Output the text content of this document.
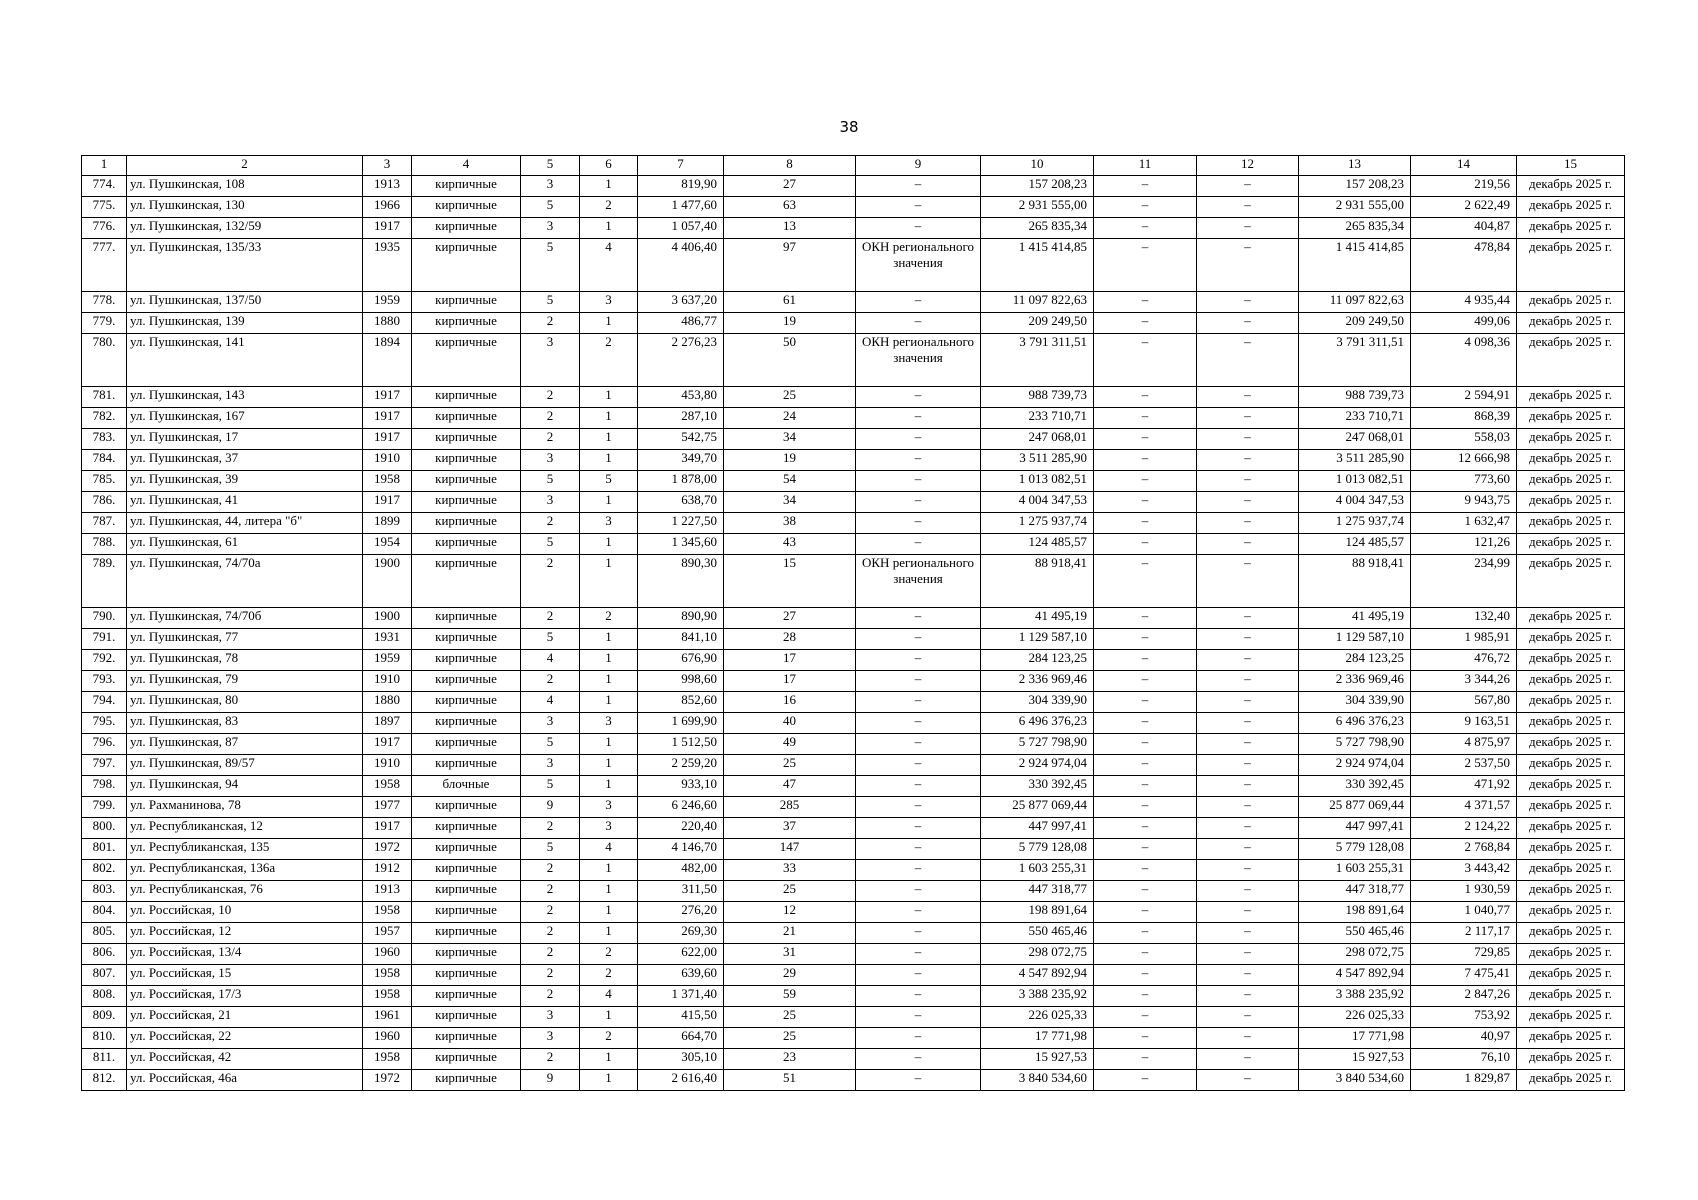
38
1	2	3	4	5	6	7	8	9	10	11	12	13	14	15
774.	ул. Пушкинская, 108	1913	кирпичные	3	1	819,90	27	–	157 208,23	–	–	157 208,23	219,56	декабрь 2025 г.
775.	ул. Пушкинская, 130	1966	кирпичные	5	2	1 477,60	63	–	2 931 555,00	–	–	2 931 555,00	2 622,49	декабрь 2025 г.
776.	ул. Пушкинская, 132/59	1917	кирпичные	3	1	1 057,40	13	–	265 835,34	–	–	265 835,34	404,87	декабрь 2025 г.
777.	ул. Пушкинская, 135/33	1935	кирпичные	5	4	4 406,40	97	ОКН регионального значения	1 415 414,85	–	–	1 415 414,85	478,84	декабрь 2025 г.
778.	ул. Пушкинская, 137/50	1959	кирпичные	5	3	3 637,20	61	–	11 097 822,63	–	–	11 097 822,63	4 935,44	декабрь 2025 г.
779.	ул. Пушкинская, 139	1880	кирпичные	2	1	486,77	19	–	209 249,50	–	–	209 249,50	499,06	декабрь 2025 г.
780.	ул. Пушкинская, 141	1894	кирпичные	3	2	2 276,23	50	ОКН регионального значения	3 791 311,51	–	–	3 791 311,51	4 098,36	декабрь 2025 г.
781.	ул. Пушкинская, 143	1917	кирпичные	2	1	453,80	25	–	988 739,73	–	–	988 739,73	2 594,91	декабрь 2025 г.
782.	ул. Пушкинская, 167	1917	кирпичные	2	1	287,10	24	–	233 710,71	–	–	233 710,71	868,39	декабрь 2025 г.
783.	ул. Пушкинская, 17	1917	кирпичные	2	1	542,75	34	–	247 068,01	–	–	247 068,01	558,03	декабрь 2025 г.
784.	ул. Пушкинская, 37	1910	кирпичные	3	1	349,70	19	–	3 511 285,90	–	–	3 511 285,90	12 666,98	декабрь 2025 г.
785.	ул. Пушкинская, 39	1958	кирпичные	5	5	1 878,00	54	–	1 013 082,51	–	–	1 013 082,51	773,60	декабрь 2025 г.
786.	ул. Пушкинская, 41	1917	кирпичные	3	1	638,70	34	–	4 004 347,53	–	–	4 004 347,53	9 943,75	декабрь 2025 г.
787.	ул. Пушкинская, 44, литера "б"	1899	кирпичные	2	3	1 227,50	38	–	1 275 937,74	–	–	1 275 937,74	1 632,47	декабрь 2025 г.
788.	ул. Пушкинская, 61	1954	кирпичные	5	1	1 345,60	43	–	124 485,57	–	–	124 485,57	121,26	декабрь 2025 г.
789.	ул. Пушкинская, 74/70а	1900	кирпичные	2	1	890,30	15	ОКН регионального значения	88 918,41	–	–	88 918,41	234,99	декабрь 2025 г.
790.	ул. Пушкинская, 74/70б	1900	кирпичные	2	2	890,90	27	–	41 495,19	–	–	41 495,19	132,40	декабрь 2025 г.
791.	ул. Пушкинская, 77	1931	кирпичные	5	1	841,10	28	–	1 129 587,10	–	–	1 129 587,10	1 985,91	декабрь 2025 г.
792.	ул. Пушкинская, 78	1959	кирпичные	4	1	676,90	17	–	284 123,25	–	–	284 123,25	476,72	декабрь 2025 г.
793.	ул. Пушкинская, 79	1910	кирпичные	2	1	998,60	17	–	2 336 969,46	–	–	2 336 969,46	3 344,26	декабрь 2025 г.
794.	ул. Пушкинская, 80	1880	кирпичные	4	1	852,60	16	–	304 339,90	–	–	304 339,90	567,80	декабрь 2025 г.
795.	ул. Пушкинская, 83	1897	кирпичные	3	3	1 699,90	40	–	6 496 376,23	–	–	6 496 376,23	9 163,51	декабрь 2025 г.
796.	ул. Пушкинская, 87	1917	кирпичные	5	1	1 512,50	49	–	5 727 798,90	–	–	5 727 798,90	4 875,97	декабрь 2025 г.
797.	ул. Пушкинская, 89/57	1910	кирпичные	3	1	2 259,20	25	–	2 924 974,04	–	–	2 924 974,04	2 537,50	декабрь 2025 г.
798.	ул. Пушкинская, 94	1958	блочные	5	1	933,10	47	–	330 392,45	–	–	330 392,45	471,92	декабрь 2025 г.
799.	ул. Рахманинова, 78	1977	кирпичные	9	3	6 246,60	285	–	25 877 069,44	–	–	25 877 069,44	4 371,57	декабрь 2025 г.
800.	ул. Республиканская, 12	1917	кирпичные	2	3	220,40	37	–	447 997,41	–	–	447 997,41	2 124,22	декабрь 2025 г.
801.	ул. Республиканская, 135	1972	кирпичные	5	4	4 146,70	147	–	5 779 128,08	–	–	5 779 128,08	2 768,84	декабрь 2025 г.
802.	ул. Республиканская, 136а	1912	кирпичные	2	1	482,00	33	–	1 603 255,31	–	–	1 603 255,31	3 443,42	декабрь 2025 г.
803.	ул. Республиканская, 76	1913	кирпичные	2	1	311,50	25	–	447 318,77	–	–	447 318,77	1 930,59	декабрь 2025 г.
804.	ул. Российская, 10	1958	кирпичные	2	1	276,20	12	–	198 891,64	–	–	198 891,64	1 040,77	декабрь 2025 г.
805.	ул. Российская, 12	1957	кирпичные	2	1	269,30	21	–	550 465,46	–	–	550 465,46	2 117,17	декабрь 2025 г.
806.	ул. Российская, 13/4	1960	кирпичные	2	2	622,00	31	–	298 072,75	–	–	298 072,75	729,85	декабрь 2025 г.
807.	ул. Российская, 15	1958	кирпичные	2	2	639,60	29	–	4 547 892,94	–	–	4 547 892,94	7 475,41	декабрь 2025 г.
808.	ул. Российская, 17/3	1958	кирпичные	2	4	1 371,40	59	–	3 388 235,92	–	–	3 388 235,92	2 847,26	декабрь 2025 г.
809.	ул. Российская, 21	1961	кирпичные	3	1	415,50	25	–	226 025,33	–	–	226 025,33	753,92	декабрь 2025 г.
810.	ул. Российская, 22	1960	кирпичные	3	2	664,70	25	–	17 771,98	–	–	17 771,98	40,97	декабрь 2025 г.
811.	ул. Российская, 42	1958	кирпичные	2	1	305,10	23	–	15 927,53	–	–	15 927,53	76,10	декабрь 2025 г.
812.	ул. Российская, 46а	1972	кирпичные	9	1	2 616,40	51	–	3 840 534,60	–	–	3 840 534,60	1 829,87	декабрь 2025 г.
